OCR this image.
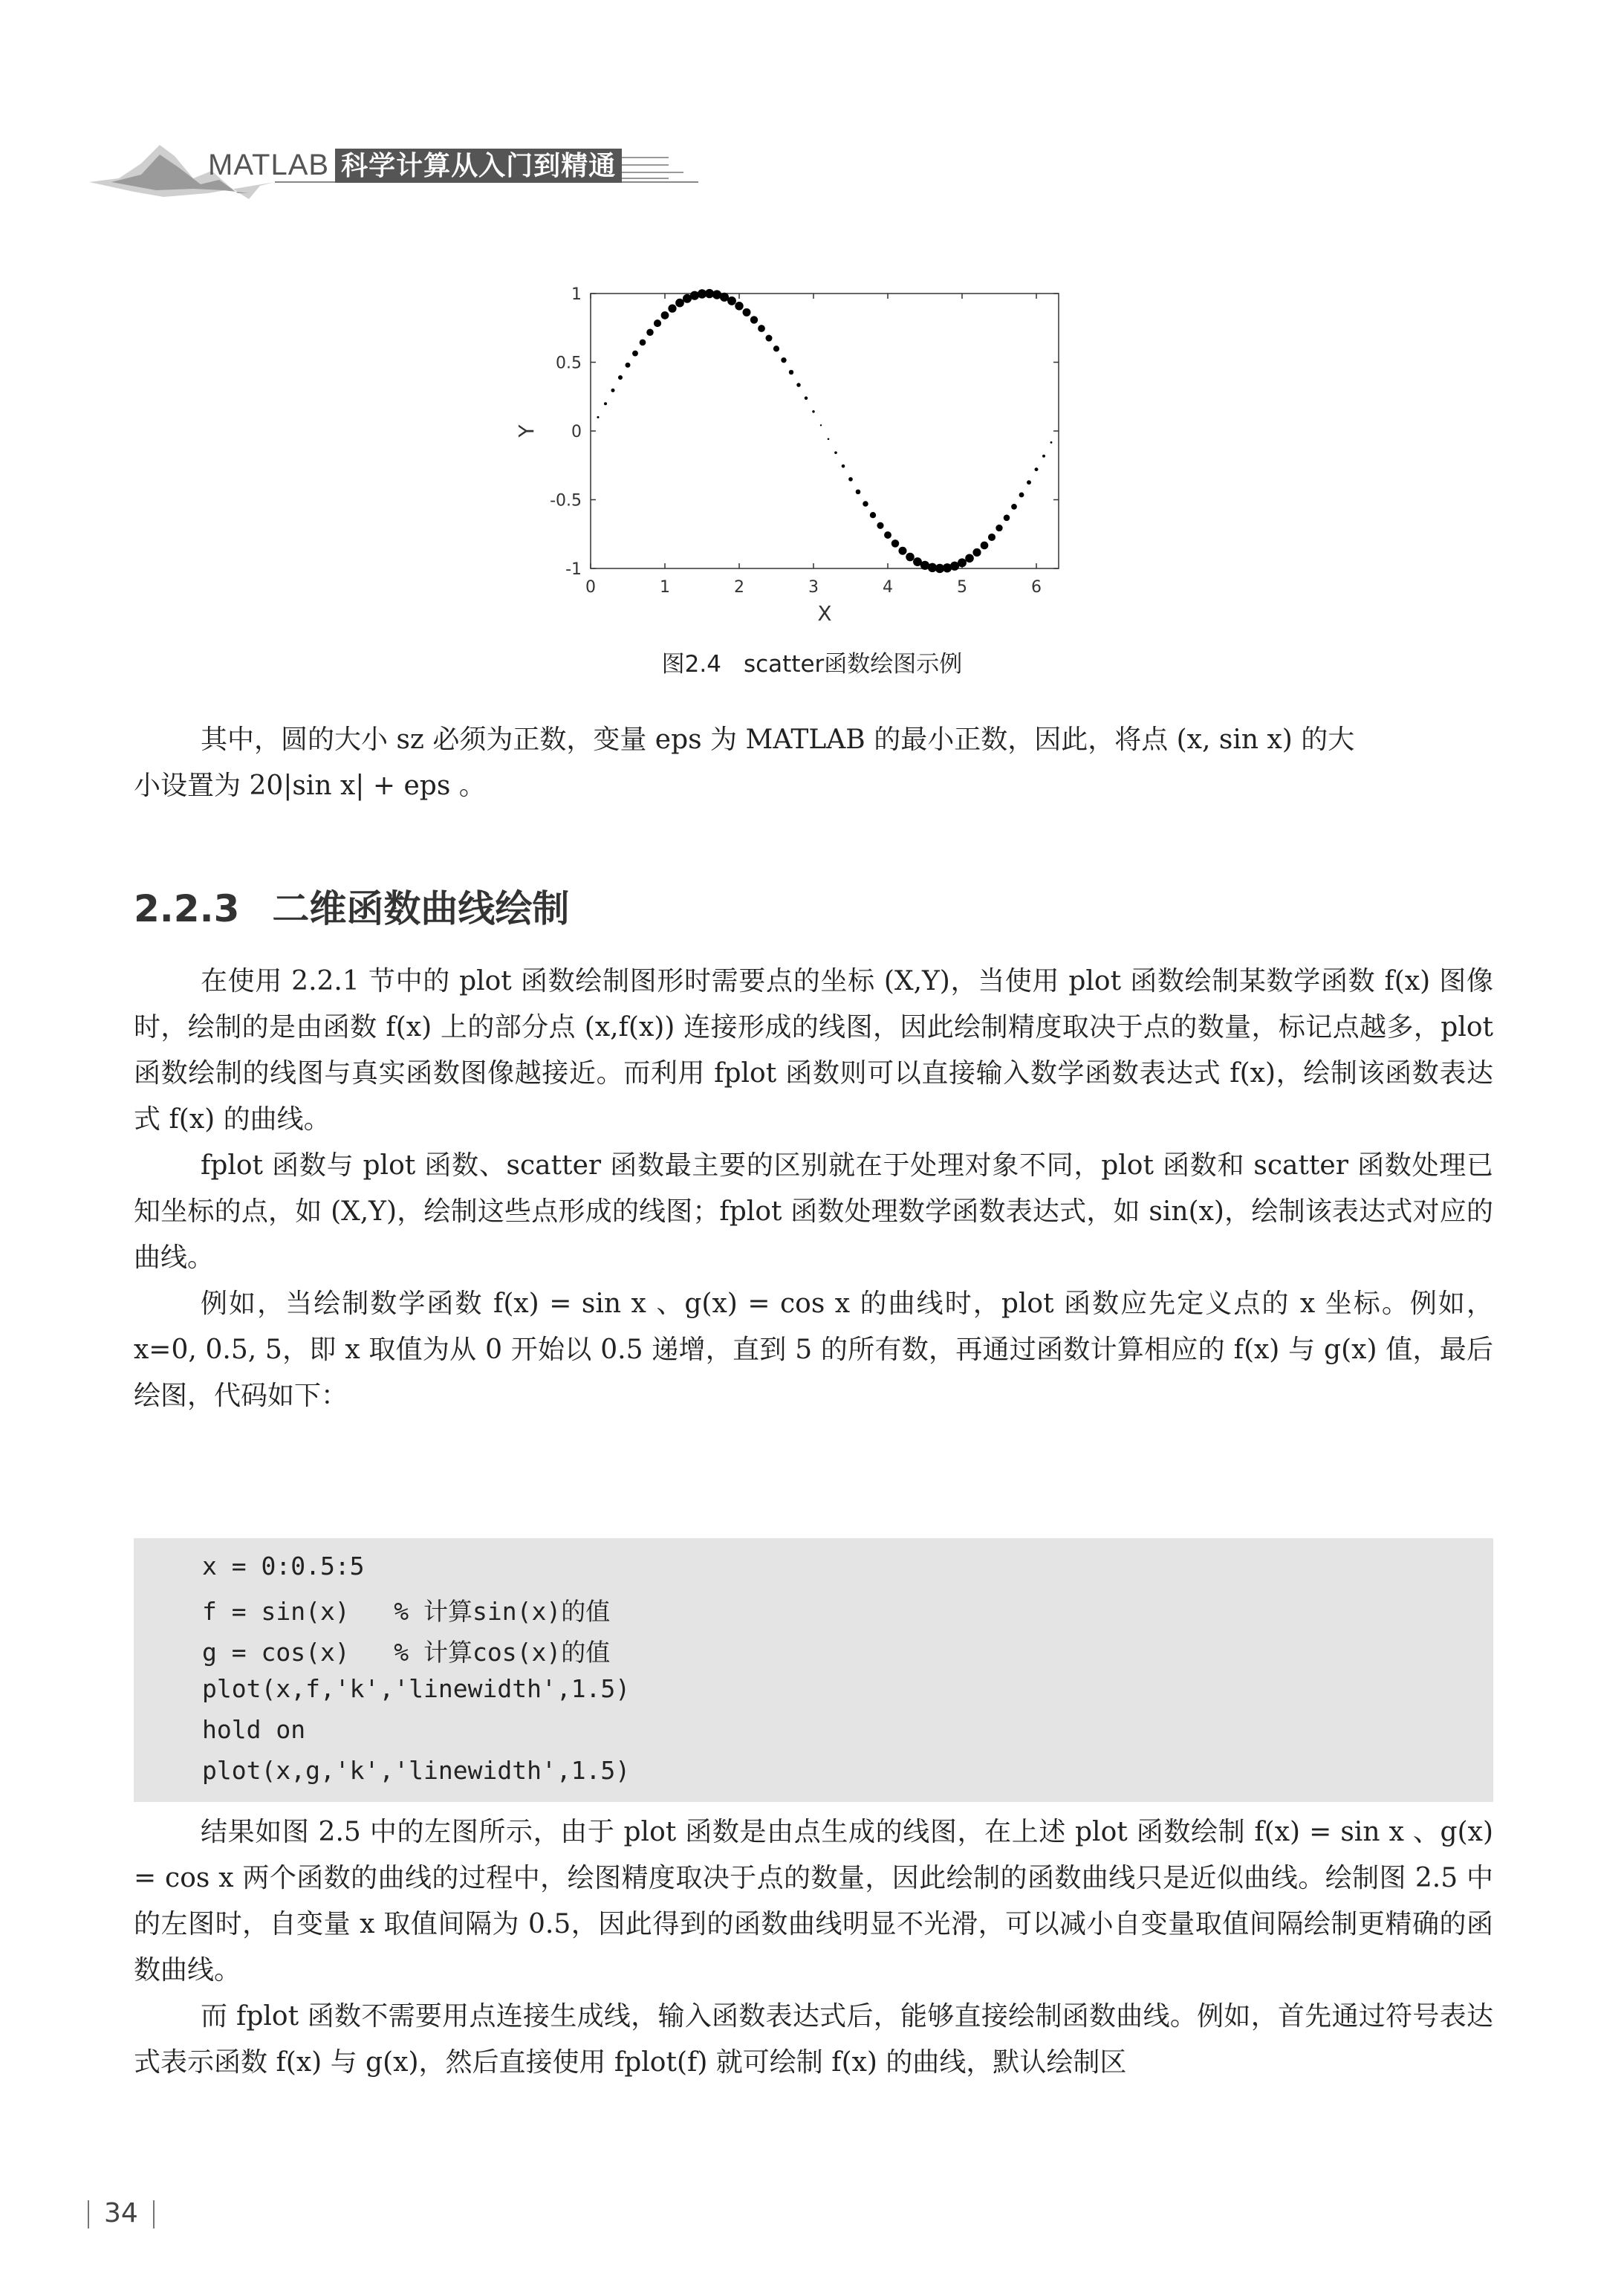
MATLAB 科学计算从入门到精通
0	1	2	3	4	5	6
-1
-0.5
0
0.5
1
X
Y
图2.4 scatter函数绘图示例

其中，圆的大小 sz 必须为正数，变量 eps 为 MATLAB 的最小正数，因此，将点 (x, sin x) 的大

小设置为 20|sin x| + eps 。

2.2.3 二维函数曲线绘制

在使用 2.2.1 节中的 plot 函数绘制图形时需要点的坐标 (X,Y)，当使用 plot 函数绘制某数学函数 f(x) 图像时，绘制的是由函数 f(x) 上的部分点 (x,f(x)) 连接形成的线图，因此绘制精度取决于点的数量，标记点越多，plot 函数绘制的线图与真实函数图像越接近。而利用 fplot 函数则可以直接输入数学函数表达式 f(x)，绘制该函数表达式 f(x) 的曲线。

fplot 函数与 plot 函数、scatter 函数最主要的区别就在于处理对象不同，plot 函数和 scatter 函数处理已知坐标的点，如 (X,Y)，绘制这些点形成的线图；fplot 函数处理数学函数表达式，如 sin(x)，绘制该表达式对应的曲线。

例如，当绘制数学函数 f(x) = sin x 、g(x) = cos x 的曲线时，plot 函数应先定义点的 x 坐标。例如，x=0, 0.5, 5，即 x 取值为从 0 开始以 0.5 递增，直到 5 的所有数，再通过函数计算相应的 f(x) 与 g(x) 值，最后绘图，代码如下：

x = 0:0.5:5
f = sin(x)   % 计算sin(x)的值
g = cos(x)   % 计算cos(x)的值
plot(x,f,'k','linewidth',1.5)
hold on
plot(x,g,'k','linewidth',1.5)

结果如图 2.5 中的左图所示，由于 plot 函数是由点生成的线图，在上述 plot 函数绘制 f(x) = sin x 、g(x) = cos x 两个函数的曲线的过程中，绘图精度取决于点的数量，因此绘制的函数曲线只是近似曲线。绘制图 2.5 中的左图时，自变量 x 取值间隔为 0.5，因此得到的函数曲线明显不光滑，可以减小自变量取值间隔绘制更精确的函数曲线。

而 fplot 函数不需要用点连接生成线，输入函数表达式后，能够直接绘制函数曲线。例如，首先通过符号表达式表示函数 f(x) 与 g(x)，然后直接使用 fplot(f) 就可绘制 f(x) 的曲线，默认绘制区

34
